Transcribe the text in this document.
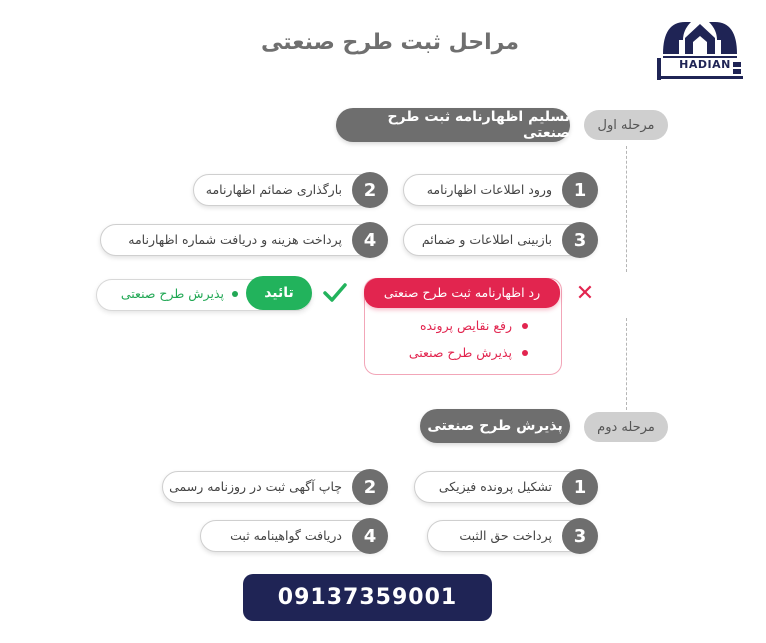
HADIAN
مراحل ثبت طرح صنعتی
مرحله اول
تسلیم اظهارنامه ثبت طرح صنعتی
1
ورود اطلاعات اظهارنامه
2
بارگذاری ضمائم اظهارنامه
3
بازبینی اطلاعات و ضمائم
4
پرداخت هزینه و دریافت شماره اظهارنامه
✕
رد اظهارنامه ثبت طرح صنعتی
رفع نقایص پرونده
پذیرش طرح صنعتی
پذیرش طرح صنعتی	تائید
مرحله دوم
پذیرش طرح صنعتی
1
تشکیل پرونده فیزیکی
2
چاپ آگهی ثبت در روزنامه رسمی
3
پرداخت حق الثبت
4
دریافت گواهینامه ثبت
09137359001
